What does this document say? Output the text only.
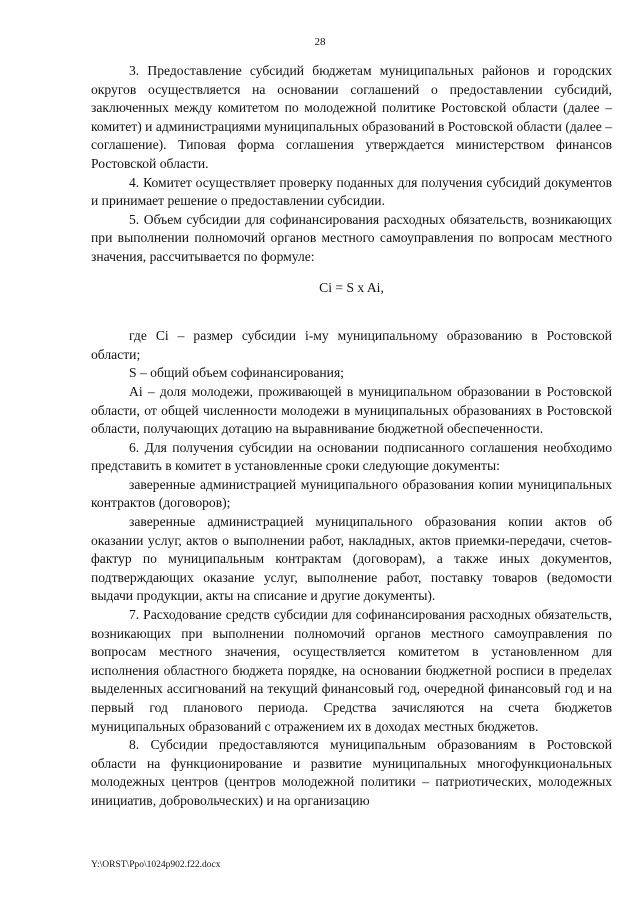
28

3. Предоставление субсидий бюджетам муниципальных районов и городских округов осуществляется на основании соглашений о предоставлении субсидий, заключенных между комитетом по молодежной политике Ростовской области (далее – комитет) и администрациями муниципальных образований в Ростовской области (далее – соглашение). Типовая форма соглашения утверждается министерством финансов Ростовской области.

4. Комитет осуществляет проверку поданных для получения субсидий документов и принимает решение о предоставлении субсидии.

5. Объем субсидии для софинансирования расходных обязательств, возникающих при выполнении полномочий органов местного самоуправления по вопросам местного значения, рассчитывается по формуле:

Ci = S x Ai,

где Ci – размер субсидии i-му муниципальному образованию в Ростовской области;

S – общий объем софинансирования;

Ai – доля молодежи, проживающей в муниципальном образовании в Ростовской области, от общей численности молодежи в муниципальных образованиях в Ростовской области, получающих дотацию на выравнивание бюджетной обеспеченности.

6. Для получения субсидии на основании подписанного соглашения необходимо представить в комитет в установленные сроки следующие документы:

заверенные администрацией муниципального образования копии муниципальных контрактов (договоров);

заверенные администрацией муниципального образования копии актов об оказании услуг, актов о выполнении работ, накладных, актов приемки-передачи, счетов-фактур по муниципальным контрактам (договорам), а также иных документов, подтверждающих оказание услуг, выполнение работ, поставку товаров (ведомости выдачи продукции, акты на списание и другие документы).

7. Расходование средств субсидии для софинансирования расходных обязательств, возникающих при выполнении полномочий органов местного самоуправления по вопросам местного значения, осуществляется комитетом в установленном для исполнения областного бюджета порядке, на основании бюджетной росписи в пределах выделенных ассигнований на текущий финансовый год, очередной финансовый год и на первый год планового периода. Средства зачисляются на счета бюджетов муниципальных образований с отражением их в доходах местных бюджетов.

8. Субсидии предоставляются муниципальным образованиям в Ростовской области на функционирование и развитие муниципальных многофункциональных молодежных центров (центров молодежной политики – патриотических, молодежных инициатив, добровольческих) и на организацию

Y:\ORST\Ppo\1024p902.f22.docx
